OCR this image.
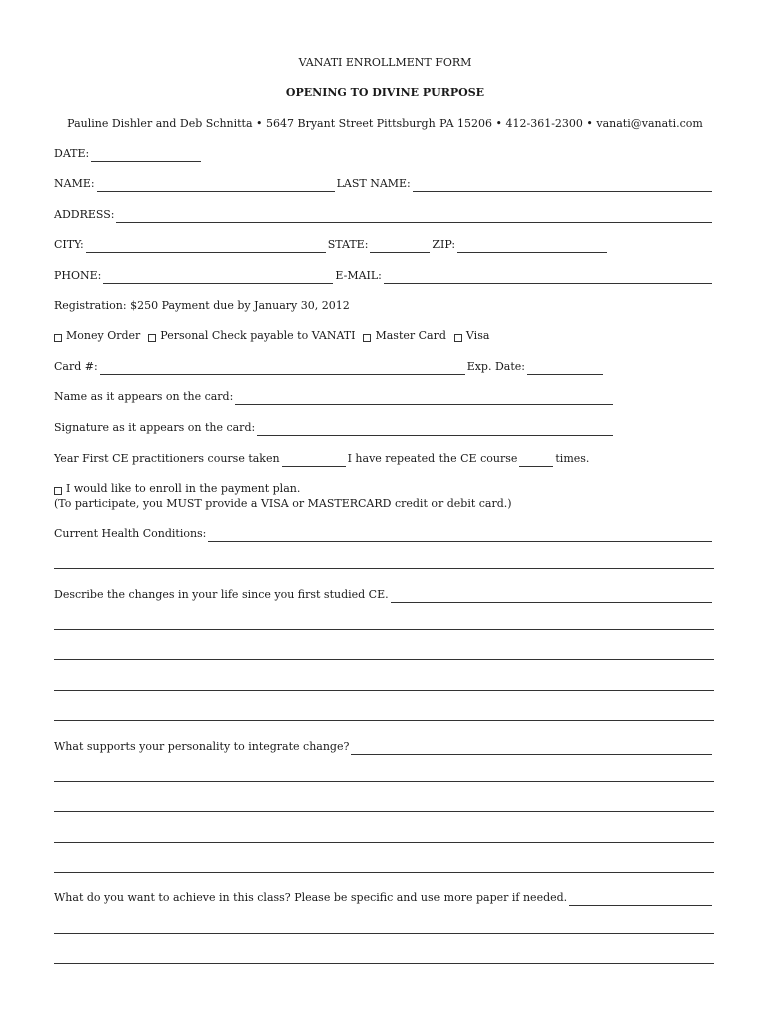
VANATI ENROLLMENT FORM
OPENING TO DIVINE PURPOSE
Pauline Dishler and Deb Schnitta • 5647 Bryant Street Pittsburgh PA 15206 • 412-361-2300 • vanati@vanati.com
DATE:
NAME:	LAST NAME:
ADDRESS:
CITY:	STATE:	ZIP:
PHONE:	E-MAIL:
Registration: $250 Payment due by January 30, 2012
Money Order Personal Check payable to VANATI Master Card Visa
Card #:	Exp. Date:
Name as it appears on the card:
Signature as it appears on the card:
Year First CE practitioners course taken	I have repeated the CE course	times.
I would like to enroll in the payment plan.
(To participate, you MUST provide a VISA or MASTERCARD credit or debit card.)
Current Health Conditions:
Describe the changes in your life since you first studied CE.
What supports your personality to integrate change?
What do you want to achieve in this class? Please be specific and use more paper if needed.
